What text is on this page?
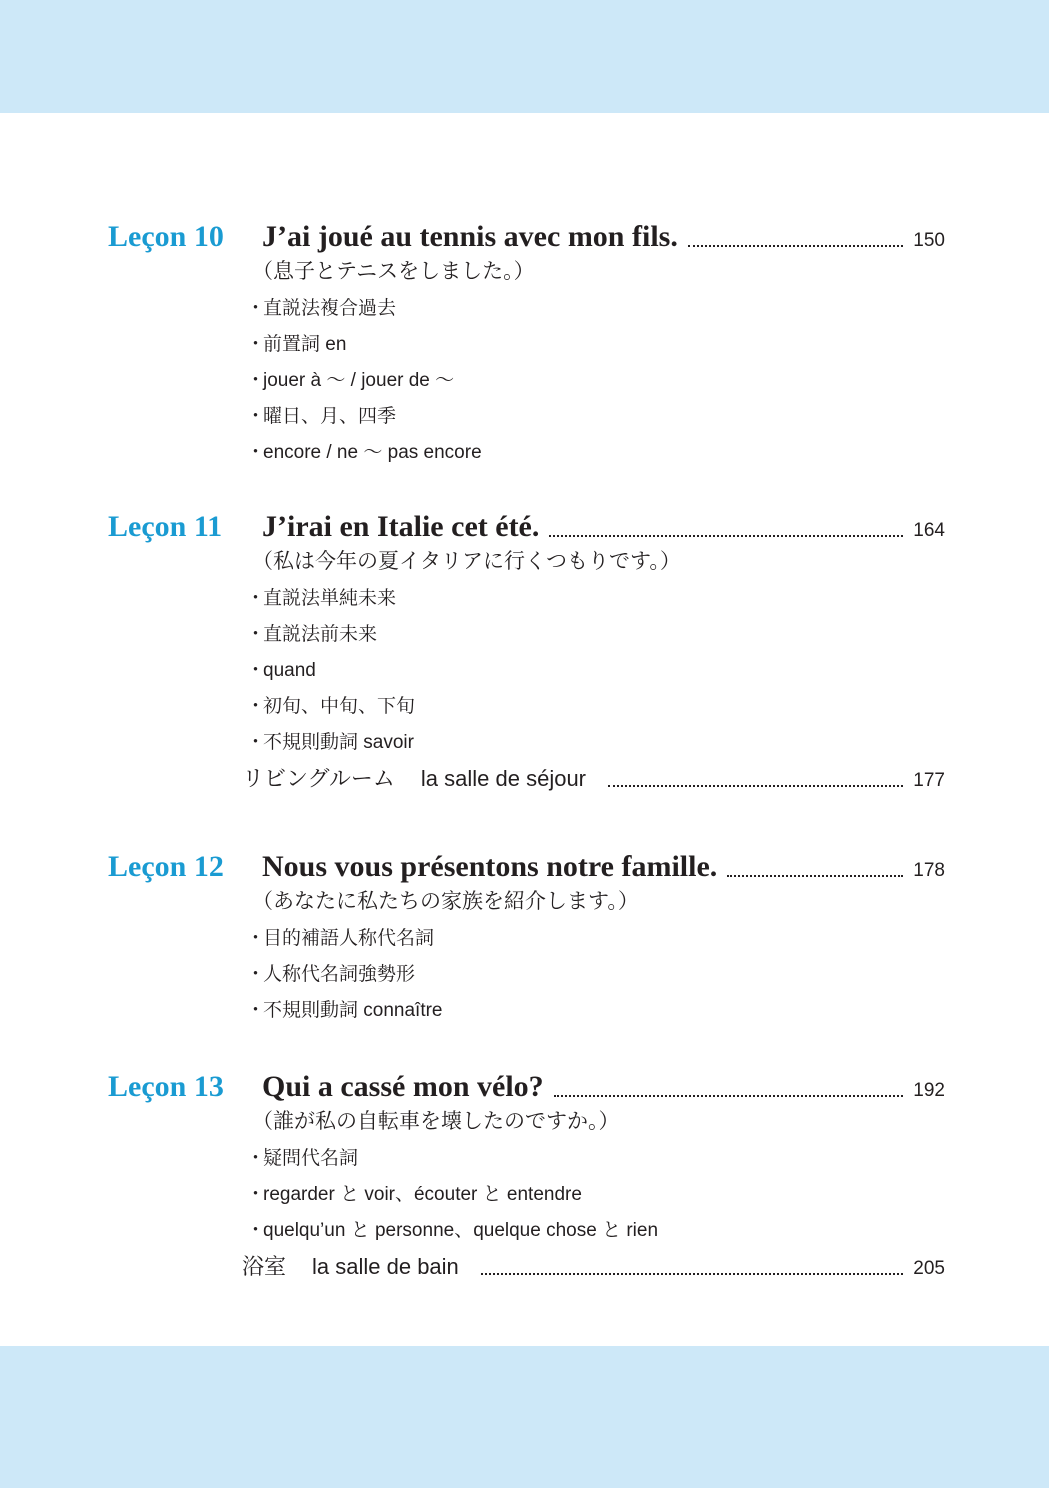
Leçon 10 J’ai joué au tennis avec mon fils.	150
（息子とテニスをしました。）
・直説法複合過去
・前置詞 en
・jouer à ～ / jouer de ～
・曜日、月、四季
・encore / ne ～ pas encore
Leçon 11 J’irai en Italie cet été.	164
（私は今年の夏イタリアに行くつもりです。）
・直説法単純未来
・直説法前未来
・quand
・初旬、中旬、下旬
・不規則動詞 savoir
リビングルーム la salle de séjour	177
Leçon 12 Nous vous présentons notre famille.	178
（あなたに私たちの家族を紹介します。）
・目的補語人称代名詞
・人称代名詞強勢形
・不規則動詞 connaître
Leçon 13 Qui a cassé mon vélo?	192
（誰が私の自転車を壊したのですか。）
・疑問代名詞
・regarder と voir、écouter と entendre
・quelqu’un と personne、quelque chose と rien
浴室 la salle de bain	205
